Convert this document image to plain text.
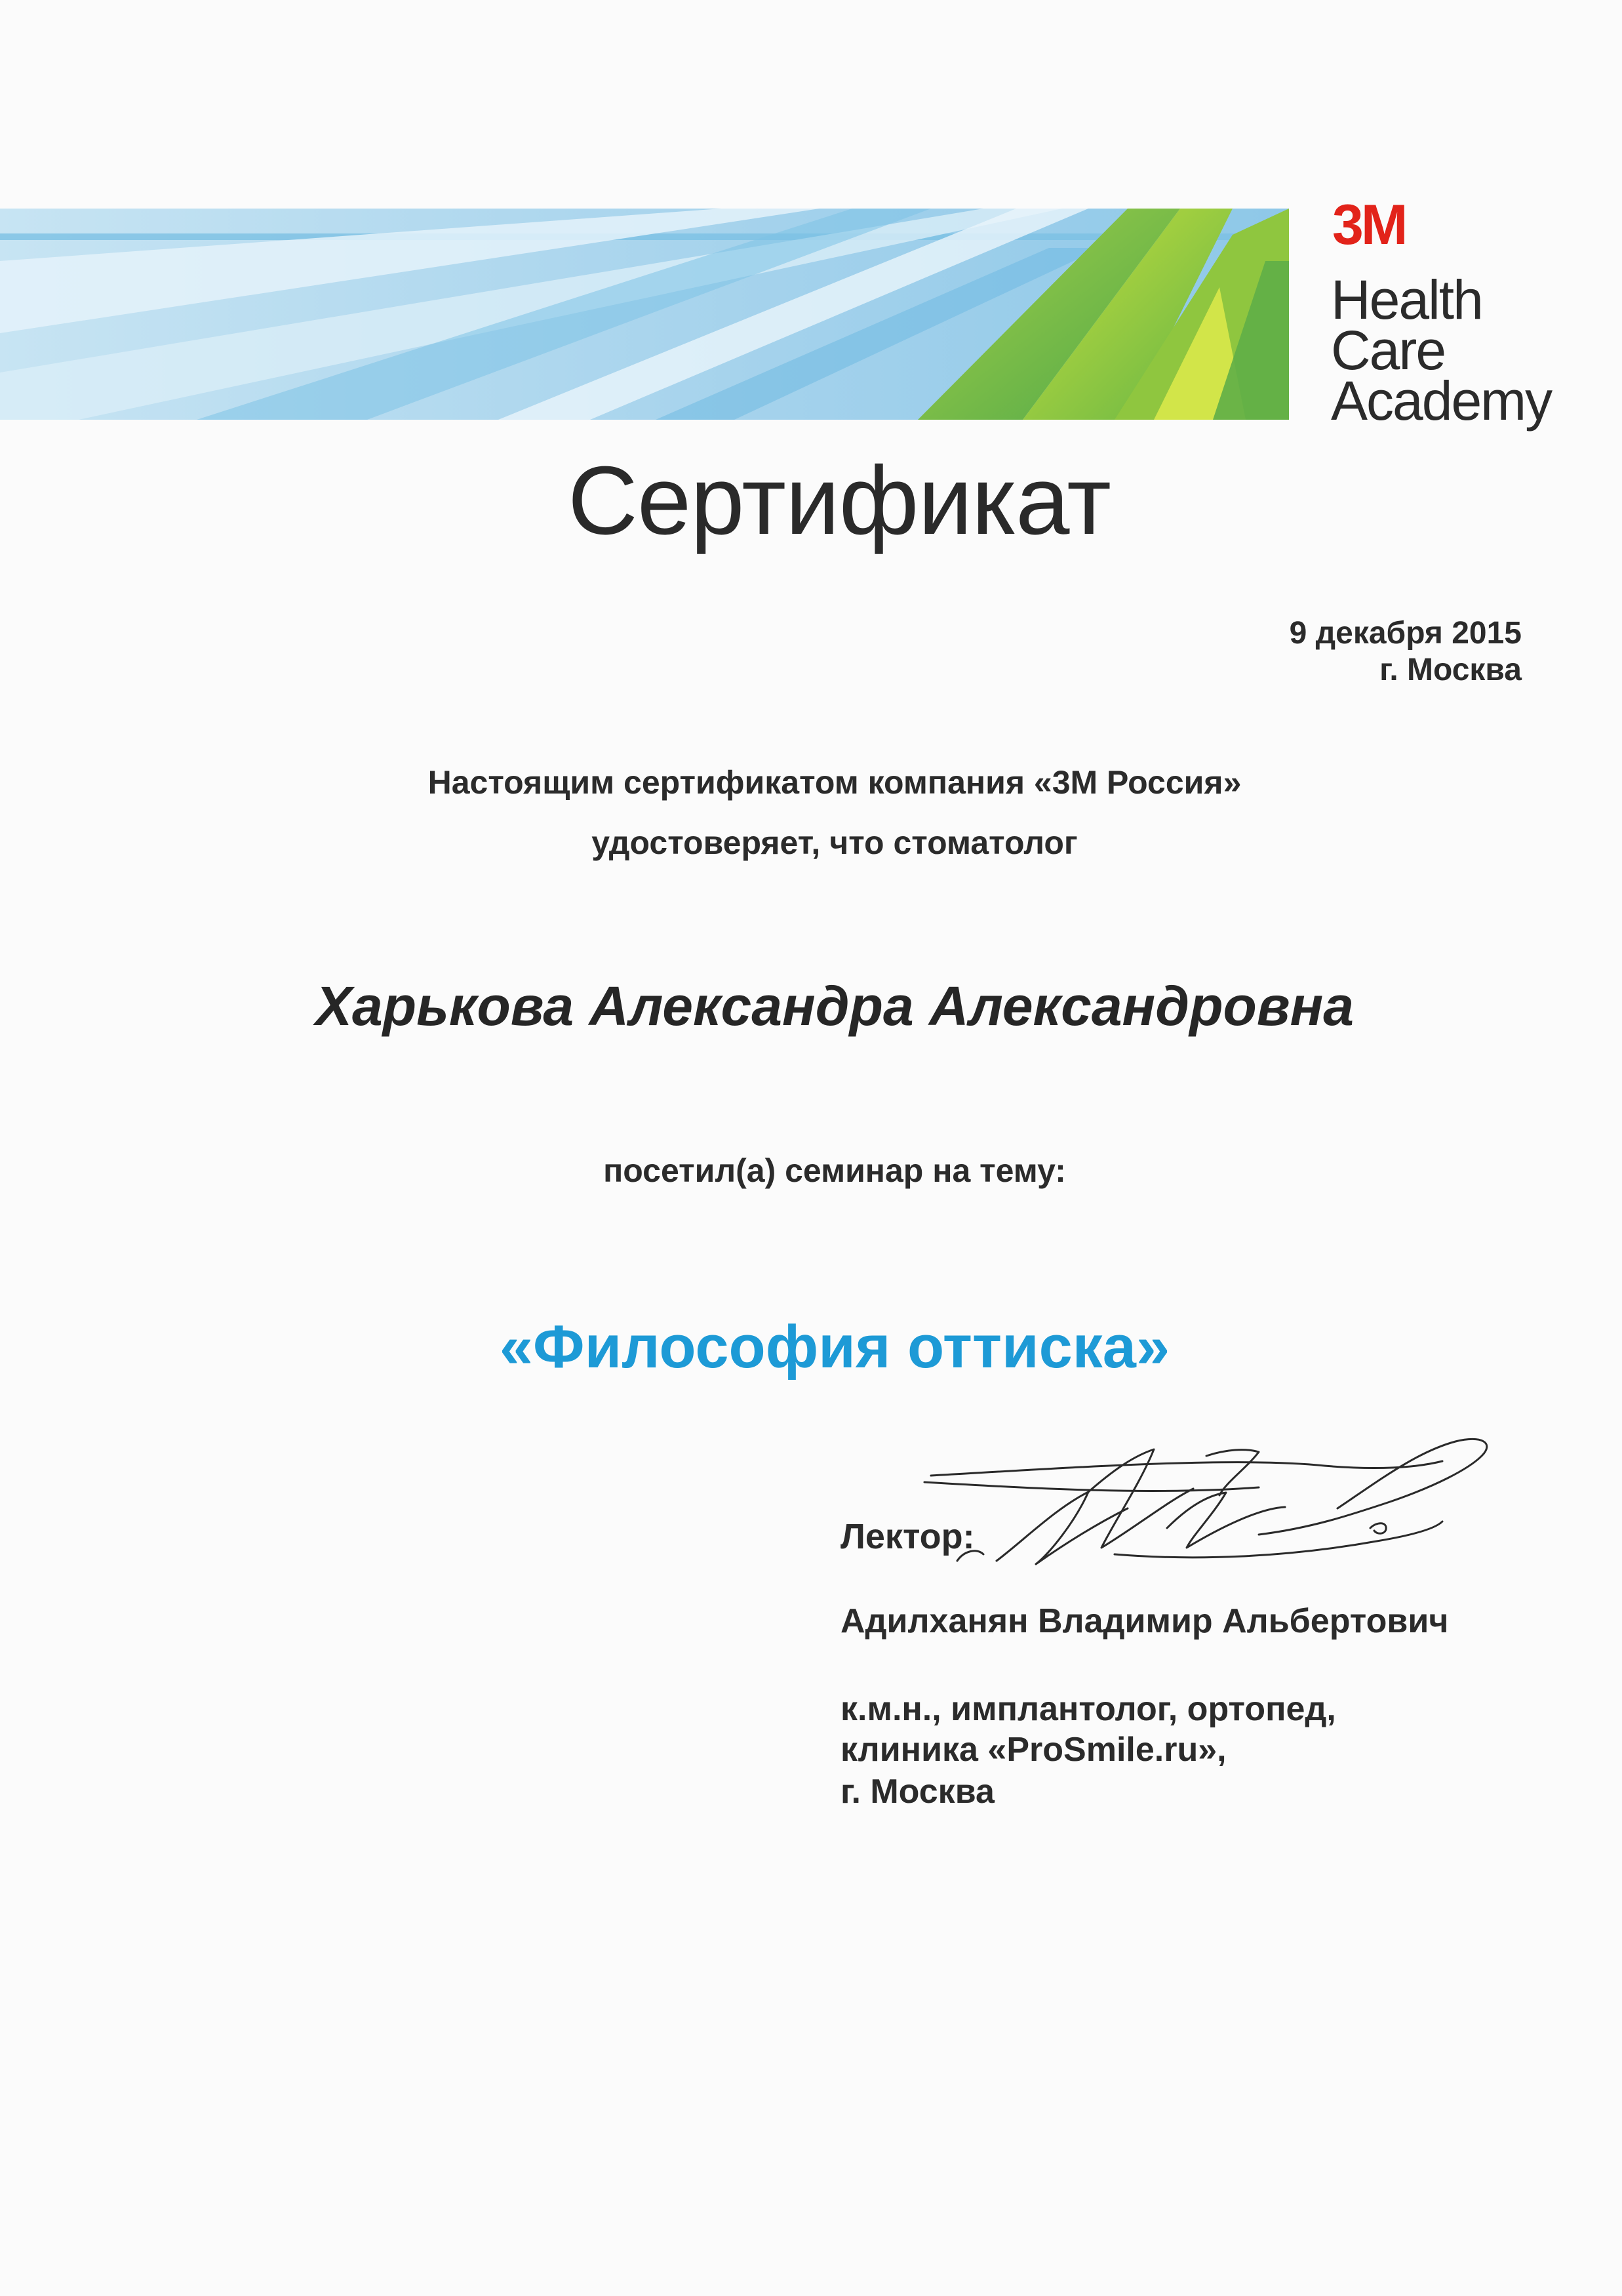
3M
Health
Care
Academy
Сертификат
9 декабря 2015
г. Москва
Настоящим сертификатом компания «3М Россия»
удостоверяет, что стоматолог
Харькова Александра Александровна
посетил(а) семинар на тему:
«Философия оттиска»
Лектор:
Адилханян Владимир Альбертович
к.м.н., имплантолог, ортопед,
клиника «ProSmile.ru»,
г. Москва
